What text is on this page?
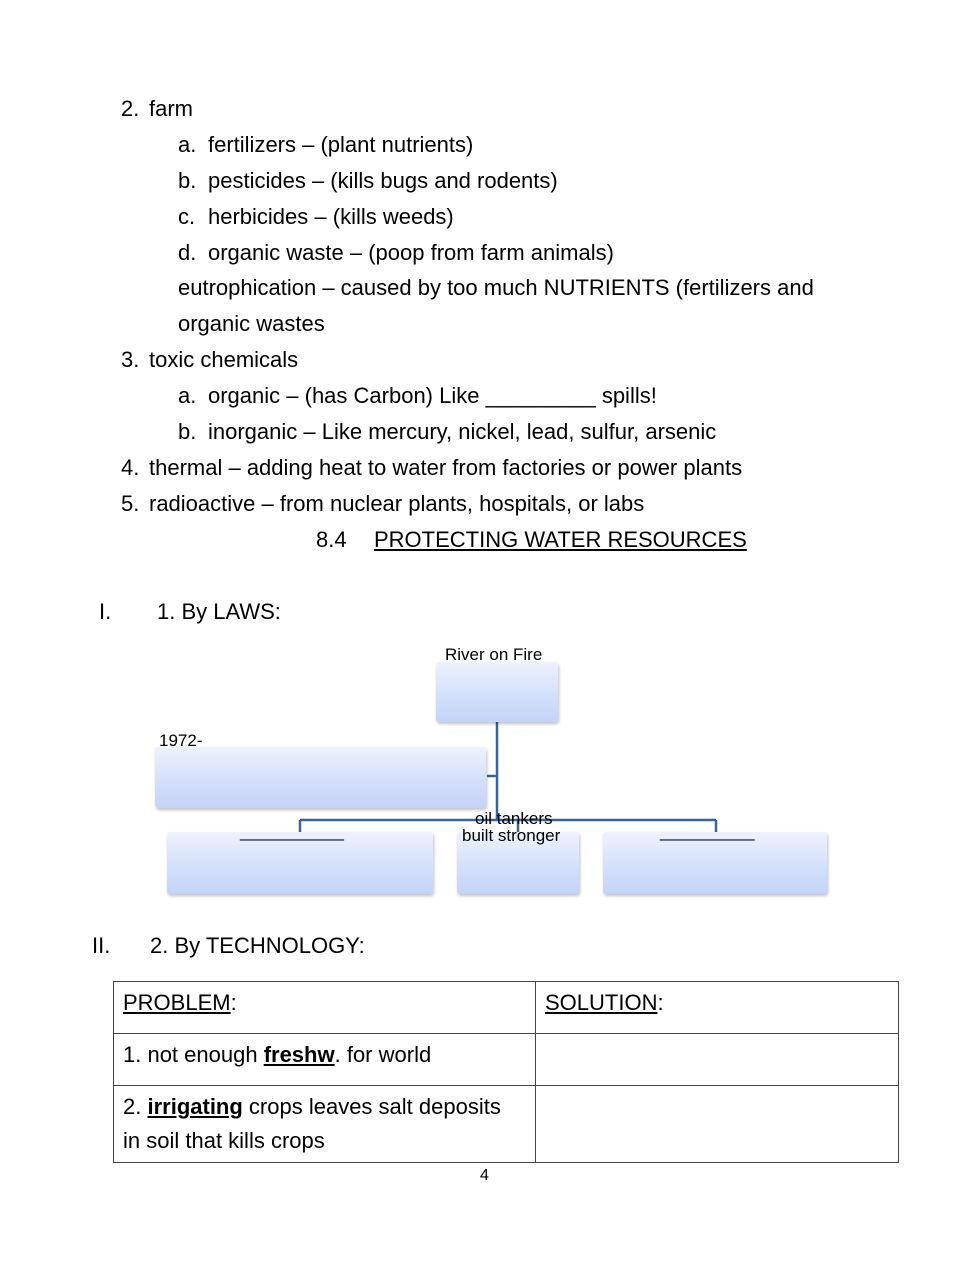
2. farm
a. fertilizers – (plant nutrients)
b. pesticides – (kills bugs and rodents)
c. herbicides – (kills weeds)
d. organic waste – (poop from farm animals)
eutrophication – caused by too much NUTRIENTS (fertilizers and
organic wastes
3. toxic chemicals
a. organic – (has Carbon) Like _________ spills!
b. inorganic – Like mercury, nickel, lead, sulfur, arsenic
4. thermal – adding heat to water from factories or power plants
5. radioactive – from nuclear plants, hospitals, or labs
8.4 PROTECTING WATER RESOURCES
I. 1. By LAWS:
River on Fire
1972-
___________
oil tankers
built stronger	__________
II. 2. By TECHNOLOGY:
PROBLEM:	SOLUTION:
1. not enough freshw. for world	
2. irrigating crops leaves salt deposits
in soil that kills crops	
4
